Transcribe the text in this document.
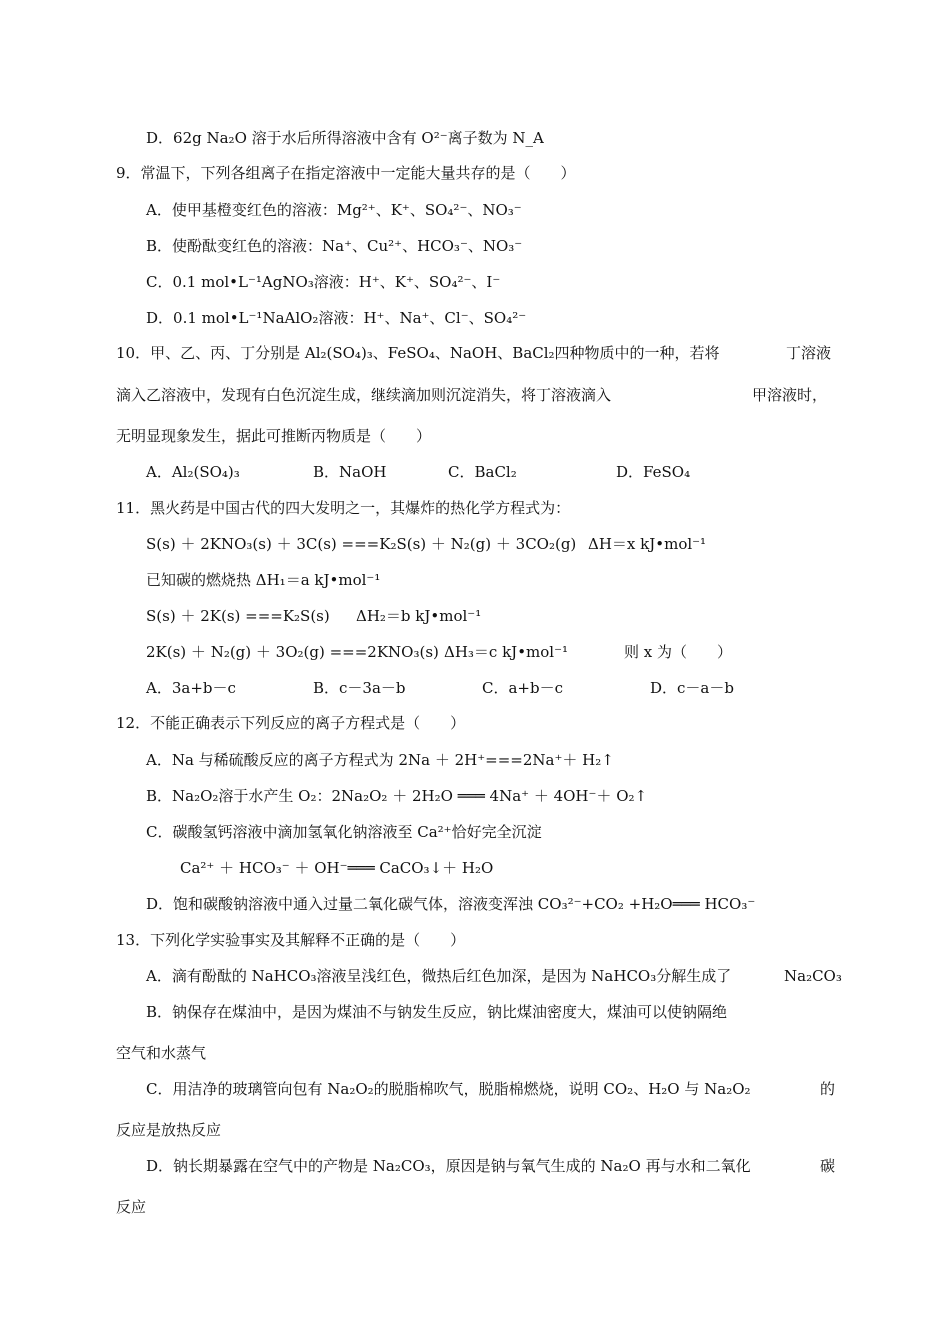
D．62g Na₂O 溶于水后所得溶液中含有 O²⁻离子数为 N_A
9．常温下，下列各组离子在指定溶液中一定能大量共存的是（　　）
A．使甲基橙变红色的溶液：Mg²⁺、K⁺、SO₄²⁻、NO₃⁻
B．使酚酞变红色的溶液：Na⁺、Cu²⁺、HCO₃⁻、NO₃⁻
C．0.1 mol•L⁻¹AgNO₃溶液：H⁺、K⁺、SO₄²⁻、I⁻
D．0.1 mol•L⁻¹NaAlO₂溶液：H⁺、Na⁺、Cl⁻、SO₄²⁻
10．甲、乙、丙、丁分别是 Al₂(SO₄)₃、FeSO₄、NaOH、BaCl₂四种物质中的一种，若将	丁溶液
滴入乙溶液中，发现有白色沉淀生成，继续滴加则沉淀消失，将丁溶液滴入	甲溶液时，
无明显现象发生，据此可推断丙物质是（　　）
A．Al₂(SO₄)₃	B．NaOH	C．BaCl₂	D．FeSO₄
11．黑火药是中国古代的四大发明之一，其爆炸的热化学方程式为：
S(s) ＋ 2KNO₃(s) ＋ 3C(s) ===K₂S(s) ＋ N₂(g) ＋ 3CO₂(g) ΔH＝x kJ•mol⁻¹
已知碳的燃烧热 ΔH₁＝a kJ•mol⁻¹
S(s) ＋ 2K(s) ===K₂S(s) ΔH₂＝b kJ•mol⁻¹
2K(s) ＋ N₂(g) ＋ 3O₂(g) ===2KNO₃(s) ΔH₃＝c kJ•mol⁻¹	则 x 为（　　）
A．3a+b－c	B．c－3a－b	C．a+b－c	D．c－a－b
12．不能正确表示下列反应的离子方程式是（　　）
A．Na 与稀硫酸反应的离子方程式为 2Na ＋ 2H⁺===2Na⁺＋ H₂↑
B．Na₂O₂溶于水产生 O₂：2Na₂O₂ ＋ 2H₂O ═══ 4Na⁺ ＋ 4OH⁻＋ O₂↑
C．碳酸氢钙溶液中滴加氢氧化钠溶液至 Ca²⁺恰好完全沉淀
Ca²⁺ ＋ HCO₃⁻ ＋ OH⁻═══ CaCO₃↓＋ H₂O
D．饱和碳酸钠溶液中通入过量二氧化碳气体，溶液变浑浊 CO₃²⁻+CO₂ +H₂O═══ HCO₃⁻
13．下列化学实验事实及其解释不正确的是（　　）
A．滴有酚酞的 NaHCO₃溶液呈浅红色，微热后红色加深，是因为 NaHCO₃分解生成了	Na₂CO₃
B．钠保存在煤油中，是因为煤油不与钠发生反应，钠比煤油密度大，煤油可以使钠隔绝
空气和水蒸气
C．用洁净的玻璃管向包有 Na₂O₂的脱脂棉吹气，脱脂棉燃烧，说明 CO₂、H₂O 与 Na₂O₂	的
反应是放热反应
D．钠长期暴露在空气中的产物是 Na₂CO₃，原因是钠与氧气生成的 Na₂O 再与水和二氧化	碳
反应
